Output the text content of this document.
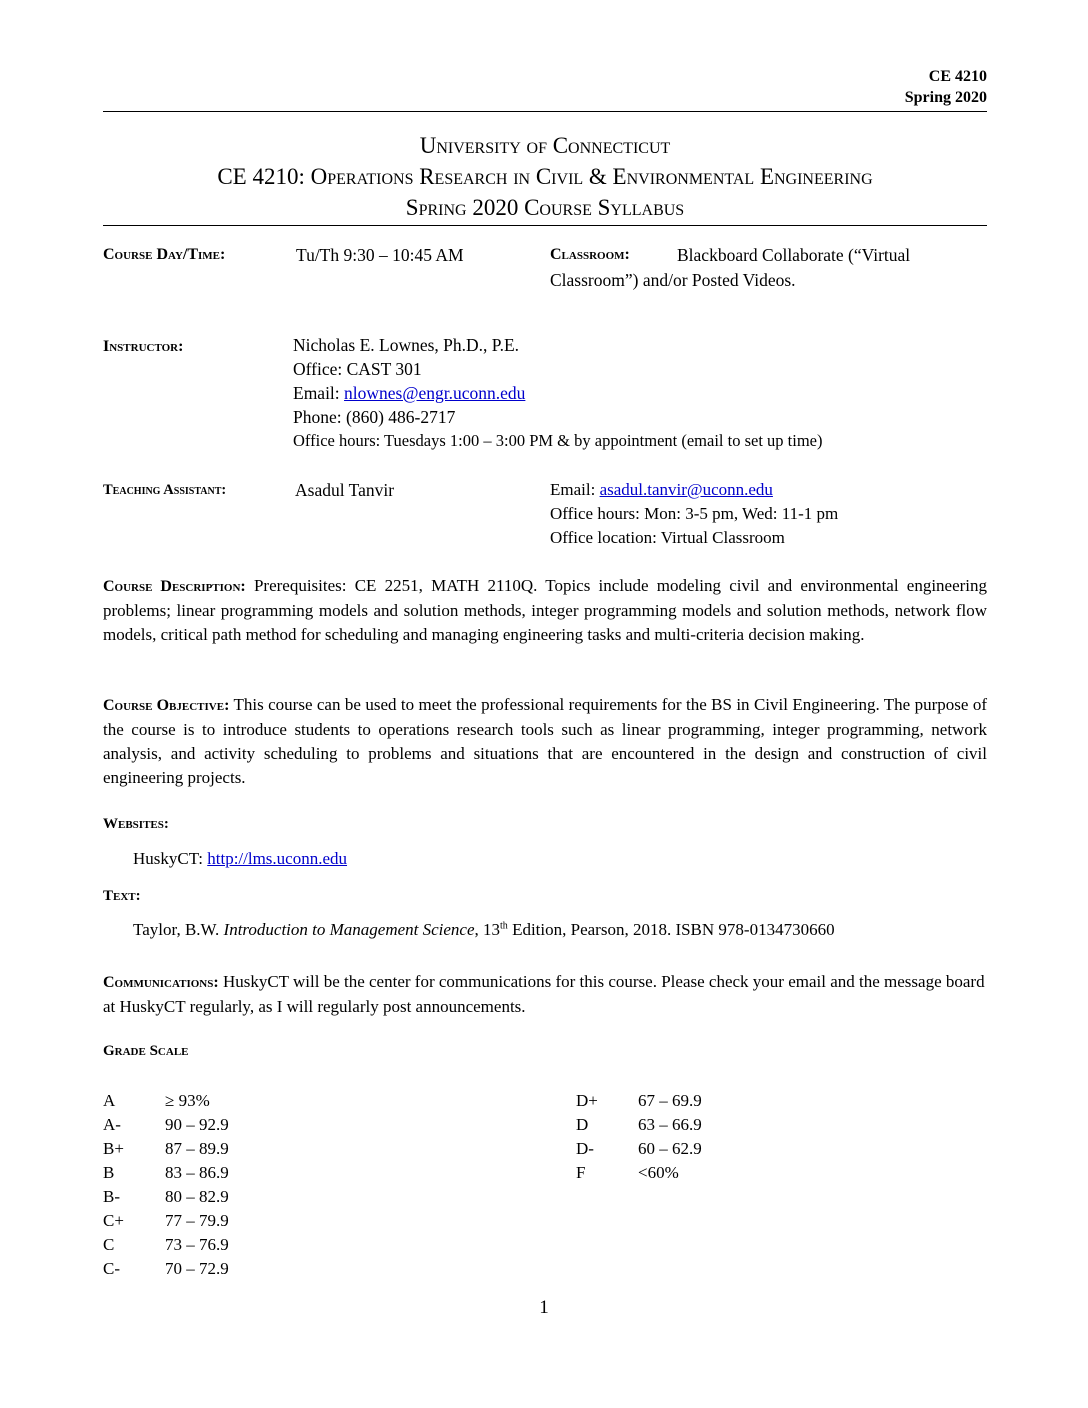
CE 4210
Spring 2020
University of Connecticut
CE 4210: Operations Research in Civil & Environmental Engineering
Spring 2020 Course Syllabus
Course Day/Time:	Tu/Th 9:30 – 10:45 AM	Classroom:	Blackboard Collaborate (“Virtual
Classroom”) and/or Posted Videos.
Instructor:	Nicholas E. Lownes, Ph.D., P.E.
Office: CAST 301
Email: nlownes@engr.uconn.edu
Phone: (860) 486-2717
Office hours: Tuesdays 1:00 – 3:00 PM & by appointment (email to set up time)
Teaching Assistant:	Asadul Tanvir	Email: asadul.tanvir@uconn.edu
Office hours: Mon: 3-5 pm, Wed: 11-1 pm
Office location: Virtual Classroom
Course Description: Prerequisites: CE 2251, MATH 2110Q. Topics include modeling civil and environmental engineering problems; linear programming models and solution methods, integer programming models and solution methods, network flow models, critical path method for scheduling and managing engineering tasks and multi-criteria decision making.
Course Objective: This course can be used to meet the professional requirements for the BS in Civil Engineering. The purpose of the course is to introduce students to operations research tools such as linear programming, integer programming, network analysis, and activity scheduling to problems and situations that are encountered in the design and construction of civil engineering projects.
Websites:
HuskyCT: http://lms.uconn.edu
Text:
Taylor, B.W. Introduction to Management Science, 13th Edition, Pearson, 2018. ISBN 978-0134730660
Communications: HuskyCT will be the center for communications for this course. Please check your email and the message board at HuskyCT regularly, as I will regularly post announcements.
Grade Scale
A	≥ 93%
A-	90 – 92.9
B+ 87 – 89.9
B	83 – 86.9
B-	80 – 82.9
C+ 77 – 79.9
C	73 – 76.9
C-	70 – 72.9
D+ 67 – 69.9
D	63 – 66.9
D-	60 – 62.9
F	<60%
1
